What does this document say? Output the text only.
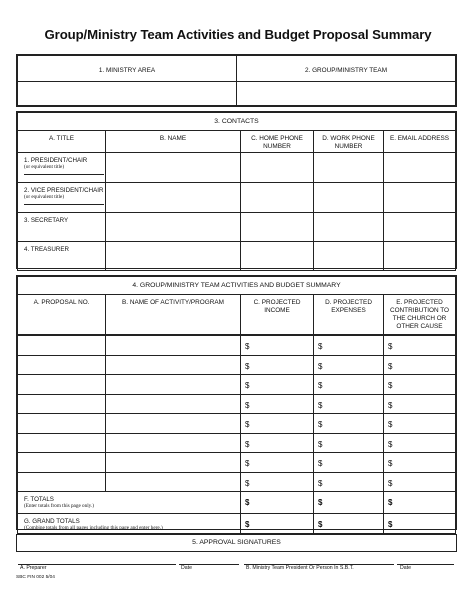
Group/Ministry Team Activities and Budget Proposal Summary
1. MINISTRY AREA	2. GROUP/MINISTRY TEAM

3. CONTACTS				
A. TITLE	B. NAME	C. HOME PHONE NUMBER	D. WORK PHONE NUMBER	E. EMAIL ADDRESS

1. PRESIDENT/CHAIR
(or equivalent title)				

2. VICE PRESIDENT/CHAIR
(or equivalent title)				

3. SECRETARY				
4. TREASURER				
4. GROUP/MINISTRY TEAM ACTIVITIES AND BUDGET SUMMARY
A. PROPOSAL NO.	B. NAME OF ACTIVITY/PROGRAM	C. PROJECTED INCOME	D. PROJECTED EXPENSES	E. PROJECTED CONTRIBUTION TO THE CHURCH OR OTHER CAUSE
		$	$	$
		$	$	$
		$	$	$
		$	$	$
		$	$	$
		$	$	$
		$	$	$
		$	$	$

F. TOTALS
(Enter totals from this page only.)		$	$	$

G. GRAND TOTALS
(Combine totals from all pages including this page and enter here.)		$	$	$
5. APPROVAL SIGNATURES
A. Preparer	Date	B. Ministry Team President Or Person In S.B.T.	Date
SBC FIN 002 5/04
